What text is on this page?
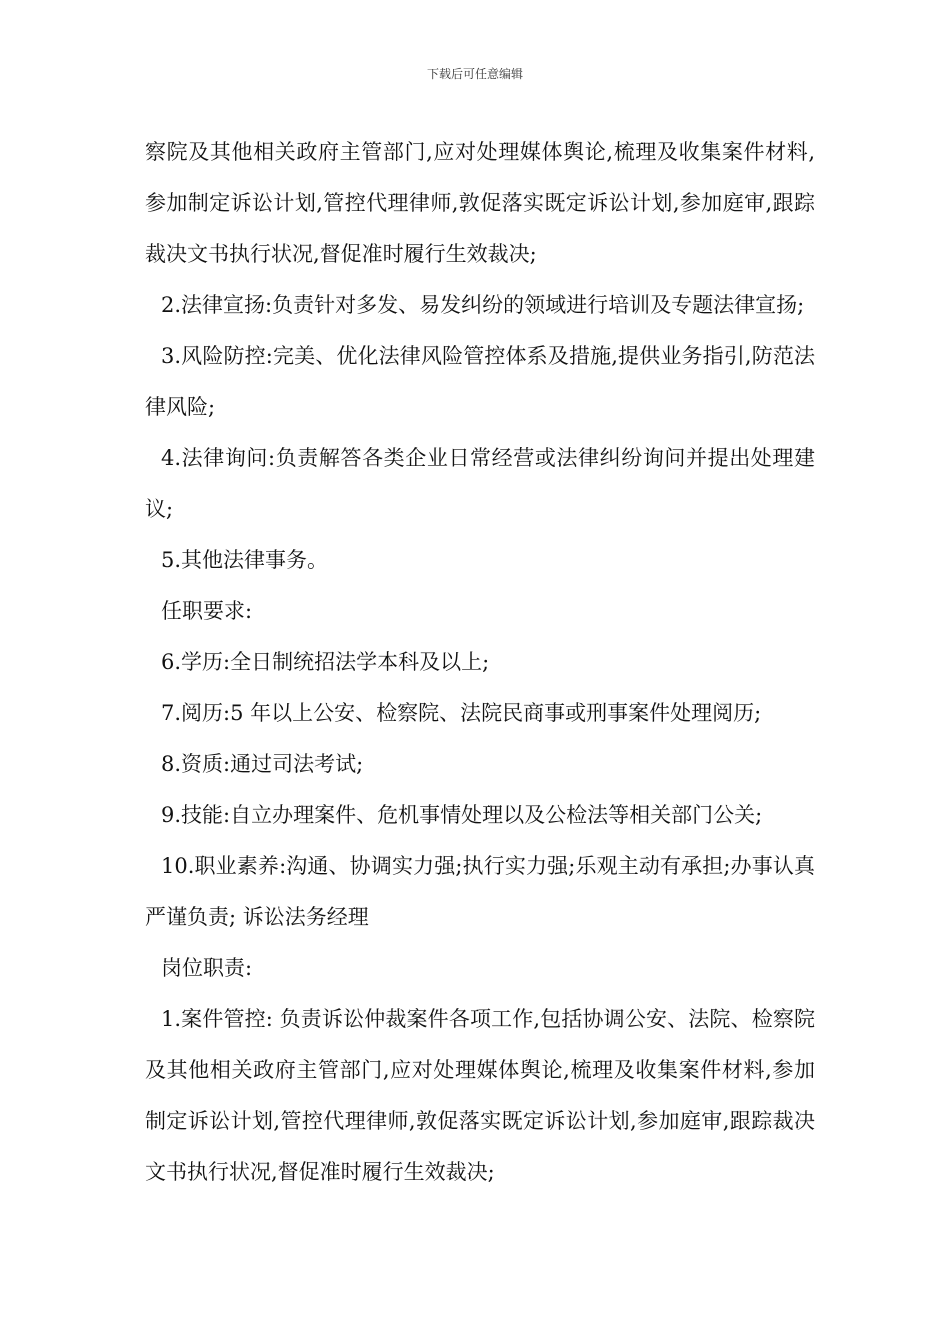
下载后可任意编辑

察院及其他相关政府主管部门,应对处理媒体舆论,梳理及收集案件材料,参加制定诉讼计划,管控代理律师,敦促落实既定诉讼计划,参加庭审,跟踪裁决文书执行状况,督促准时履行生效裁决;

2.法律宣扬:负责针对多发、易发纠纷的领域进行培训及专题法律宣扬;

3.风险防控:完美、优化法律风险管控体系及措施,提供业务指引,防范法律风险;

4.法律询问:负责解答各类企业日常经营或法律纠纷询问并提出处理建议;

5.其他法律事务。

任职要求:

6.学历:全日制统招法学本科及以上;

7.阅历:5 年以上公安、检察院、法院民商事或刑事案件处理阅历;

8.资质:通过司法考试;

9.技能:自立办理案件、危机事情处理以及公检法等相关部门公关;

10.职业素养:沟通、协调实力强;执行实力强;乐观主动有承担;办事认真严谨负责; 诉讼法务经理

岗位职责:

1.案件管控: 负责诉讼仲裁案件各项工作,包括协调公安、法院、检察院及其他相关政府主管部门,应对处理媒体舆论,梳理及收集案件材料,参加制定诉讼计划,管控代理律师,敦促落实既定诉讼计划,参加庭审,跟踪裁决文书执行状况,督促准时履行生效裁决;
